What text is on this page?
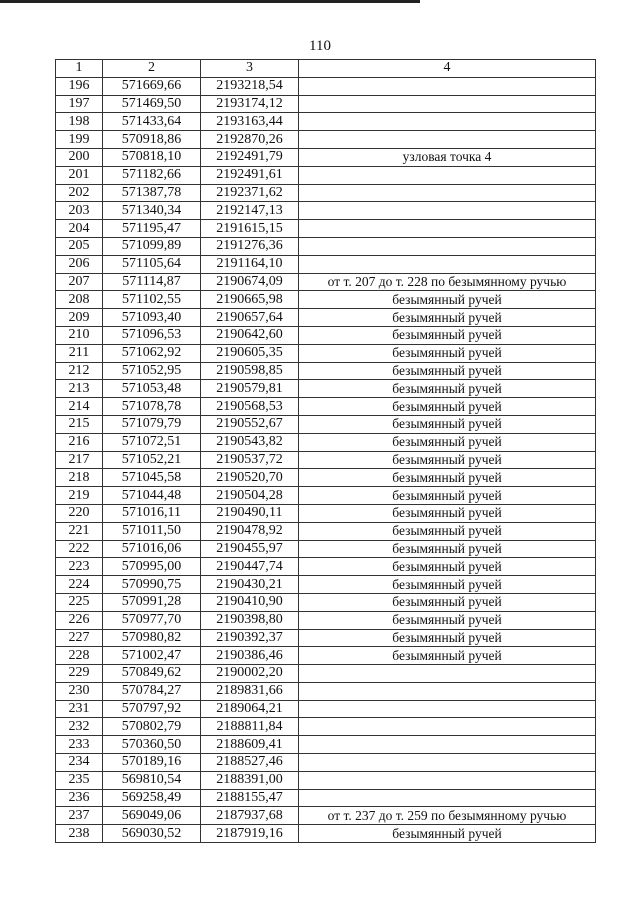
110
1	2	3	4
196	571669,66	2193218,54	
197	571469,50	2193174,12	
198	571433,64	2193163,44	
199	570918,86	2192870,26	
200	570818,10	2192491,79	узловая точка 4
201	571182,66	2192491,61	
202	571387,78	2192371,62	
203	571340,34	2192147,13	
204	571195,47	2191615,15	
205	571099,89	2191276,36	
206	571105,64	2191164,10	
207	571114,87	2190674,09	от т. 207 до т. 228 по безымянному ручью
208	571102,55	2190665,98	безымянный ручей
209	571093,40	2190657,64	безымянный ручей
210	571096,53	2190642,60	безымянный ручей
211	571062,92	2190605,35	безымянный ручей
212	571052,95	2190598,85	безымянный ручей
213	571053,48	2190579,81	безымянный ручей
214	571078,78	2190568,53	безымянный ручей
215	571079,79	2190552,67	безымянный ручей
216	571072,51	2190543,82	безымянный ручей
217	571052,21	2190537,72	безымянный ручей
218	571045,58	2190520,70	безымянный ручей
219	571044,48	2190504,28	безымянный ручей
220	571016,11	2190490,11	безымянный ручей
221	571011,50	2190478,92	безымянный ручей
222	571016,06	2190455,97	безымянный ручей
223	570995,00	2190447,74	безымянный ручей
224	570990,75	2190430,21	безымянный ручей
225	570991,28	2190410,90	безымянный ручей
226	570977,70	2190398,80	безымянный ручей
227	570980,82	2190392,37	безымянный ручей
228	571002,47	2190386,46	безымянный ручей
229	570849,62	2190002,20	
230	570784,27	2189831,66	
231	570797,92	2189064,21	
232	570802,79	2188811,84	
233	570360,50	2188609,41	
234	570189,16	2188527,46	
235	569810,54	2188391,00	
236	569258,49	2188155,47	
237	569049,06	2187937,68	от т. 237 до т. 259 по безымянному ручью
238	569030,52	2187919,16	безымянный ручей
